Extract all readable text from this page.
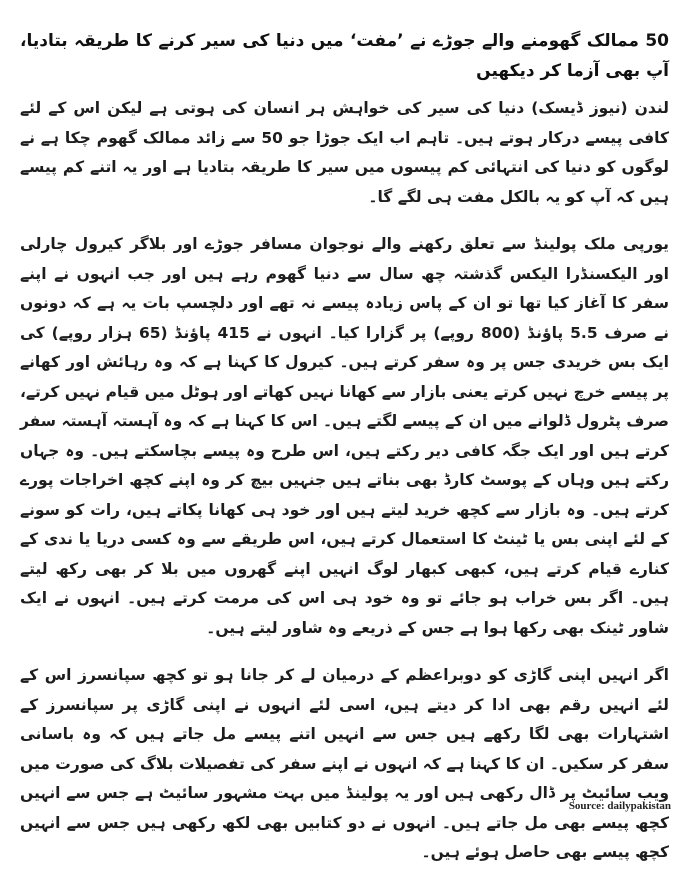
50 ممالک گھومنے والے جوڑے نے ’مفت‘ میں دنیا کی سیر کرنے کا طریقہ بتادیا، آپ بھی آزما کر دیکھیں
لندن (نیوز ڈیسک) دنیا کی سیر کی خواہش ہر انسان کی ہوتی ہے لیکن اس کے لئے کافی پیسے درکار ہوتے ہیں۔ تاہم اب ایک جوڑا جو 50 سے زائد ممالک گھوم چکا ہے نے لوگوں کو دنیا کی انتہائی کم پیسوں میں سیر کا طریقہ بتادیا ہے اور یہ اتنے کم پیسے ہیں کہ آپ کو یہ بالکل مفت ہی لگے گا۔
یورپی ملک پولینڈ سے تعلق رکھنے والے نوجوان مسافر جوڑے اور بلاگر کیرول چارلی اور الیکسنڈرا الیکس گذشتہ چھ سال سے دنیا گھوم رہے ہیں اور جب انہوں نے اپنے سفر کا آغاز کیا تھا تو ان کے پاس زیادہ پیسے نہ تھے اور دلچسپ بات یہ ہے کہ دونوں نے صرف 5.5 پاؤنڈ (800 روپے) پر گزارا کیا۔ انہوں نے 415 پاؤنڈ (65 ہزار روپے) کی ایک بس خریدی جس پر وہ سفر کرتے ہیں۔ کیرول کا کہنا ہے کہ وہ رہائش اور کھانے پر پیسے خرچ نہیں کرتے یعنی بازار سے کھانا نہیں کھاتے اور ہوٹل میں قیام نہیں کرتے، صرف پٹرول ڈلوانے میں ان کے پیسے لگتے ہیں۔ اس کا کہنا ہے کہ وہ آہستہ آہستہ سفر کرتے ہیں اور ایک جگہ کافی دیر رکتے ہیں، اس طرح وہ پیسے بچاسکتے ہیں۔ وہ جہاں رکتے ہیں وہاں کے پوسٹ کارڈ بھی بناتے ہیں جنہیں بیچ کر وہ اپنے کچھ اخراجات پورے کرتے ہیں۔ وہ بازار سے کچھ خرید لیتے ہیں اور خود ہی کھانا پکاتے ہیں، رات کو سونے کے لئے اپنی بس یا ٹینٹ کا استعمال کرتے ہیں، اس طریقے سے وہ کسی دریا یا ندی کے کنارے قیام کرتے ہیں، کبھی کبھار لوگ انہیں اپنے گھروں میں بلا کر بھی رکھ لیتے ہیں۔ اگر بس خراب ہو جائے تو وہ خود ہی اس کی مرمت کرتے ہیں۔ انہوں نے ایک شاور ٹینک بھی رکھا ہوا ہے جس کے ذریعے وہ شاور لیتے ہیں۔
اگر انہیں اپنی گاڑی کو دوبراعظم کے درمیان لے کر جانا ہو تو کچھ سپانسرز اس کے لئے انہیں رقم بھی ادا کر دیتے ہیں، اسی لئے انہوں نے اپنی گاڑی پر سپانسرز کے اشتہارات بھی لگا رکھے ہیں جس سے انہیں اتنے پیسے مل جاتے ہیں کہ وہ باسانی سفر کر سکیں۔ ان کا کہنا ہے کہ انہوں نے اپنے سفر کی تفصیلات بلاگ کی صورت میں ویب سائیٹ پر ڈال رکھی ہیں اور یہ پولینڈ میں بہت مشہور سائیٹ ہے جس سے انہیں کچھ پیسے بھی مل جاتے ہیں۔ انہوں نے دو کتابیں بھی لکھ رکھی ہیں جس سے انہیں کچھ پیسے بھی حاصل ہوئے ہیں۔
Source: dailypakistan
